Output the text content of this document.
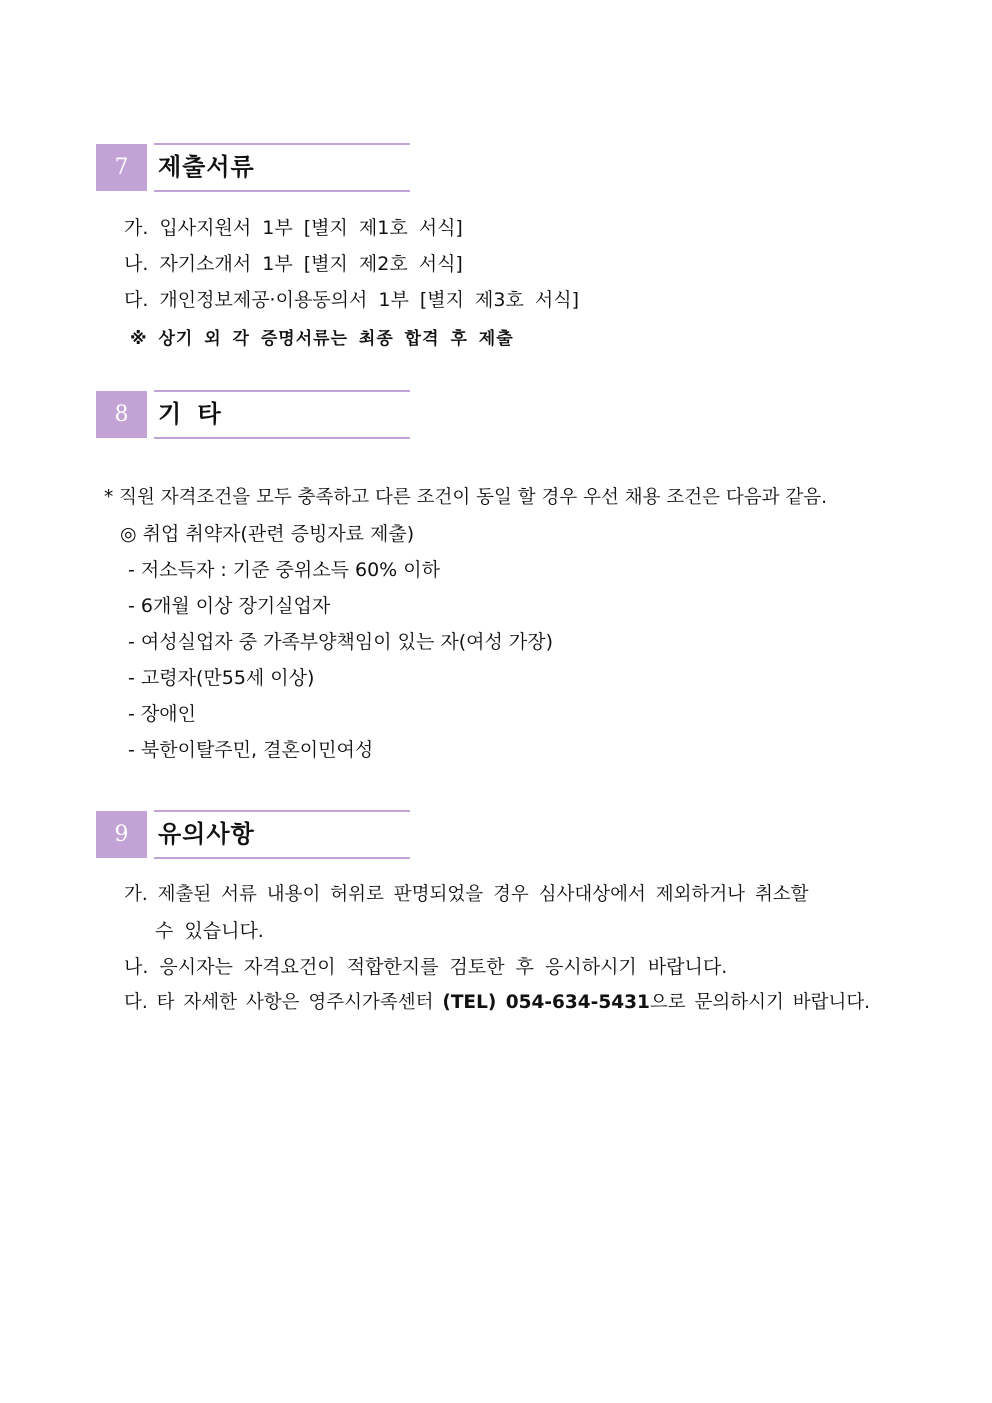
7	제출서류
가. 입사지원서 1부 [별지 제1호 서식]
나. 자기소개서 1부 [별지 제2호 서식]
다. 개인정보제공·이용동의서 1부 [별지 제3호 서식]
※ 상기 외 각 증명서류는 최종 합격 후 제출
8	기 타
* 직원 자격조건을 모두 충족하고 다른 조건이 동일 할 경우 우선 채용 조건은 다음과 같음.
◎ 취업 취약자(관련 증빙자료 제출)
- 저소득자 : 기준 중위소득 60% 이하
- 6개월 이상 장기실업자
- 여성실업자 중 가족부양책임이 있는 자(여성 가장)
- 고령자(만55세 이상)
- 장애인
- 북한이탈주민, 결혼이민여성
9	유의사항
가. 제출된 서류 내용이 허위로 판명되었을 경우 심사대상에서 제외하거나 취소할
수 있습니다.
나. 응시자는 자격요건이 적합한지를 검토한 후 응시하시기 바랍니다.
다. 타 자세한 사항은 영주시가족센터 (TEL) 054-634-5431으로 문의하시기 바랍니다.
